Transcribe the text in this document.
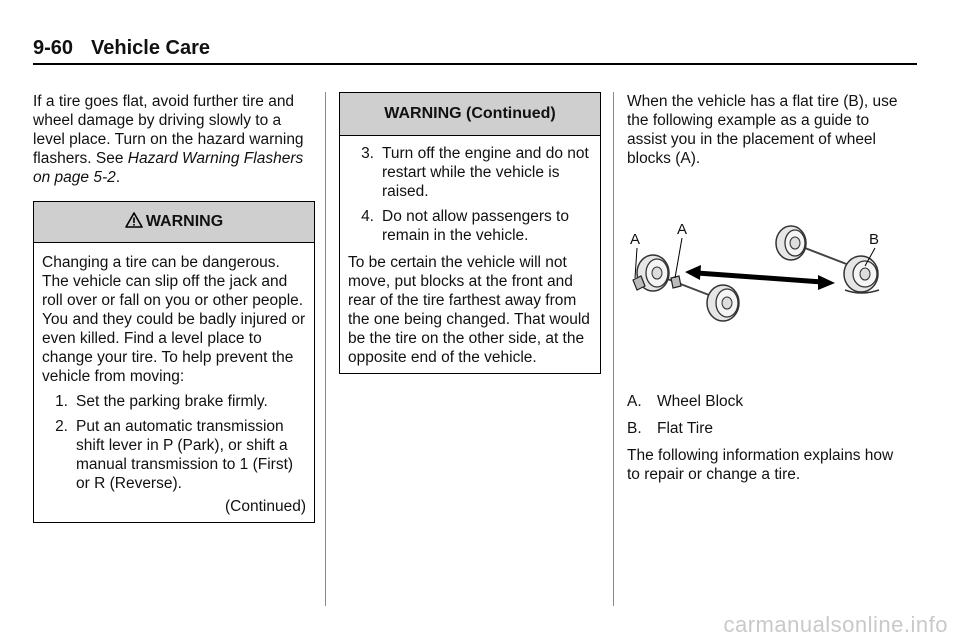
9-60 Vehicle Care

If a tire goes flat, avoid further tire and wheel damage by driving slowly to a level place. Turn on the hazard warning flashers. See Hazard Warning Flashers on page 5-2.

WARNING

Changing a tire can be dangerous. The vehicle can slip off the jack and roll over or fall on you or other people. You and they could be badly injured or even killed. Find a level place to change your tire. To help prevent the vehicle from moving:

1. Set the parking brake firmly.
2. Put an automatic transmission shift lever in P (Park), or shift a manual transmission to 1 (First) or R (Reverse).
(Continued)
WARNING (Continued)
3. Turn off the engine and do not restart while the vehicle is raised.
4. Do not allow passengers to remain in the vehicle.

To be certain the vehicle will not move, put blocks at the front and rear of the tire farthest away from the one being changed. That would be the tire on the other side, at the opposite end of the vehicle.

When the vehicle has a flat tire (B), use the following example as a guide to assist you in the placement of wheel blocks (A).

A
A
B
A. Wheel Block
B. Flat Tire

The following information explains how to repair or change a tire.

carmanualsonline.info
